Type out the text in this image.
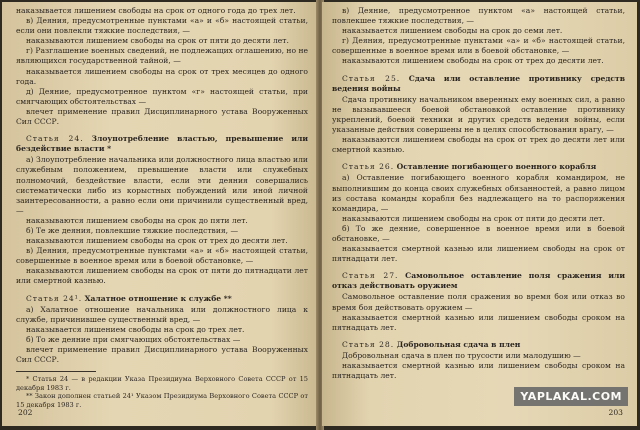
наказывается лишением свободы на срок от одного года до трех лет.

в) Деяния, предусмотренные пунктами «а» и «б» настоящей статьи, если они повлекли тяжкие последствия, —

наказываются лишением свободы на срок от пяти до десяти лет.

г) Разглашение военных сведений, не подлежащих оглашению, но не являющихся государственной тайной, —

наказывается лишением свободы на срок от трех месяцев до одного года.

д) Деяние, предусмотренное пунктом «г» настоящей статьи, при смягчающих обстоятельствах —

влечет применение правил Дисциплинарного устава Вооруженных Сил СССР.

Статья 24. Злоупотребление властью, превышение или бездействие власти *

а) Злоупотребление начальника или должностного лица властью или служебным положением, превышение власти или служебных полномочий, бездействие власти, если эти деяния совершались систематически либо из корыстных побуждений или иной личной заинтересованности, а равно если они причинили существенный вред, —

наказываются лишением свободы на срок до пяти лет.

б) Те же деяния, повлекшие тяжкие последствия, —

наказываются лишением свободы на срок от трех до десяти лет.

в) Деяния, предусмотренные пунктами «а» и «б» настоящей статьи, совершенные в военное время или в боевой обстановке, —

наказываются лишением свободы на срок от пяти до пятнадцати лет или смертной казнью.

Статья 24¹. Халатное отношение к службе **

а) Халатное отношение начальника или должностного лица к службе, причинившее существенный вред, —

наказывается лишением свободы на срок до трех лет.

б) То же деяние при смягчающих обстоятельствах —

влечет применение правил Дисциплинарного устава Вооруженных Сил СССР.

* Статья 24 — в редакции Указа Президиума Верховного Совета СССР от 15 декабря 1983 г.

** Закон дополнен статьей 24¹ Указом Президиума Верховного Совета СССР от 15 декабря 1983 г.

202

в) Деяние, предусмотренное пунктом «а» настоящей статьи, повлекшее тяжкие последствия, —

наказывается лишением свободы на срок до семи лет.

г) Деяния, предусмотренные пунктами «а» и «б» настоящей статьи, совершенные в военное время или в боевой обстановке, —

наказываются лишением свободы на срок от трех до десяти лет.

Статья 25. Сдача или оставление противнику средств ведения войны

Сдача противнику начальником вверенных ему военных сил, а равно не вызывавшееся боевой обстановкой оставление противнику укреплений, боевой техники и других средств ведения войны, если указанные действия совершены не в целях способствования врагу, —

наказываются лишением свободы на срок от трех до десяти лет или смертной казнью.

Статья 26. Оставление погибающего военного корабля

а) Оставление погибающего военного корабля командиром, не выполнившим до конца своих служебных обязанностей, а равно лицом из состава команды корабля без надлежащего на то распоряжения командира, —

наказываются лишением свободы на срок от пяти до десяти лет.

б) То же деяние, совершенное в военное время или в боевой обстановке, —

наказывается смертной казнью или лишением свободы на срок от пятнадцати лет.

Статья 27. Самовольное оставление поля сражения или отказ действовать оружием

Самовольное оставление поля сражения во время боя или отказ во время боя действовать оружием —

наказывается смертной казнью или лишением свободы сроком на пятнадцать лет.

Статья 28. Добровольная сдача в плен

Добровольная сдача в плен по трусости или малодушию —

наказывается смертной казнью или лишением свободы сроком на пятнадцать лет.

203
YAPLAKAL.COM
